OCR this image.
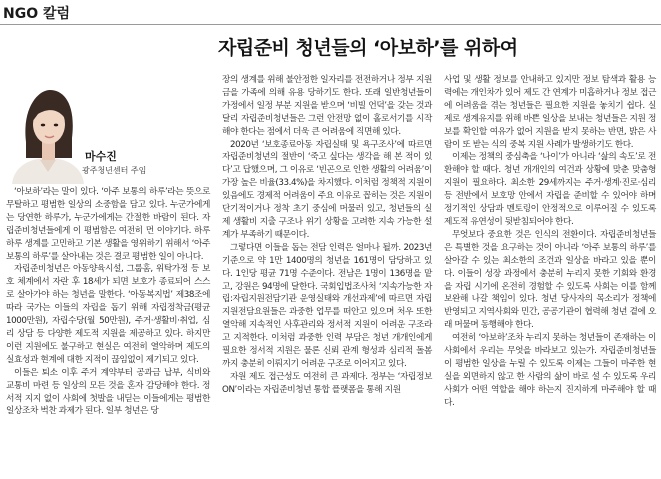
NGO 칼럼
자립준비 청년들의 ‘아보하’를 위하여
마수진
광주청년센터 주임

‘아보하’라는 말이 있다. ‘아주 보통의 하루’라는 뜻으로 무탈하고 평범한 일상의 소중함을 담고 있다. 누군가에게는 당연한 하루가, 누군가에게는 간절한 바람이 된다. 자립준비청년들에게 이 평범함은 여전히 먼 이야기다. 하루하루 생계를 고민하고 기본 생활을 영위하기 위해서 ‘아주 보통의 하루’를 살아내는 것은 결코 평범한 일이 아니다.

자립준비청년은 아동양육시설, 그룹홈, 위탁가정 등 보호 체계에서 자란 후 18세가 되면 보호가 종료되어 스스로 살아가야 하는 청년을 말한다. ‘아동복지법’ 제38조에 따라 국가는 이들의 자립을 돕기 위해 자립정착금(평균 1000만원), 자립수당(월 50만원), 주거·생활비·취업, 심리 상담 등 다양한 제도적 지원을 제공하고 있다. 하지만 이런 지원에도 불구하고 현실은 여전히 열악하며 제도의 실효성과 현계에 대한 지적이 끊임없이 제기되고 있다.

이들은 퇴소 이후 주거 계약부터 공과금 납부, 식비와 교통비 마련 등 일상의 모든 것을 혼자 감당해야 한다. 정서적 지지 없이 사회에 첫발을 내딛는 이들에게는 평범한 일상조차 벅찬 과제가 된다. 일부 청년은 당

장의 생계를 위해 불안정한 일자리를 전전하거나 정부 지원금을 가족에 의해 유용 당하기도 한다. 또래 일반청년들이 가정에서 일정 부분 지원을 받으며 ‘비빌 언덕’을 갖는 것과 달리 자립준비청년들은 그런 안전망 없이 홀로서기를 시작해야 한다는 점에서 더욱 큰 어려움에 직면해 있다.

2020년 ‘보호종료아동 자립실태 및 욕구조사’에 따르면 자립준비청년의 절반이 ‘죽고 싶다는 생각을 해 본 적이 있다’고 답했으며, 그 이유로 ‘빈곤으로 인한 생활의 어려움’이 가장 높은 비율(33.4%)을 차지했다. 이처럼 정책적 지원이 있음에도 경제적 어려움이 주요 이유로 꼽히는 것은 지원이 단기적이거나 정착 초기 중심에 머물러 있고, 청년들의 실제 생활비 지출 구조나 위기 상황을 고려한 지속 가능한 설계가 부족하기 때문이다.

그렇다면 이들을 돕는 전담 인력은 얼마나 될까. 2023년 기준으로 약 1만 1400명의 청년을 161명이 담당하고 있다. 1인당 평균 71명 수준이다. 전남은 1명이 136명을 맡고, 강원은 94명에 달한다. 국회입법조사처 ‘지속가능한 자립:자립지원전담기관 운영실태와 개선과제’에 따르면 자립지원전담요원들은 과중한 업무를 떠안고 있으며 처우 또한 열악해 지속적인 사후관리와 정서적 지원이 어려운 구조라고 지적한다. 이처럼 과중한 인력 부담은 청년 개개인에게 필요한 정서적 지원은 물론 신뢰 관계 형성과 심리적 돌봄까지 충분히 이뤄지기 어려운 구조로 이어지고 있다.

자원 제도 접근성도 여전히 큰 과제다. 정부는 ‘자립정보ON’이라는 자립준비청년 통합 플랫폼을 통해 지원

사업 및 생활 정보를 안내하고 있지만 정보 탐색과 활용 능력에는 개인차가 있어 제도 간 연계가 미흡하거나 정보 접근에 어려움을 겪는 청년들은 필요한 지원을 놓치기 쉽다. 실제로 생계유지를 위해 바쁜 일상을 보내는 청년들은 지원 정보를 확인할 여유가 없어 지원을 받지 못하는 반면, 밝은 사람이 또 받는 식의 중복 지원 사례가 발생하기도 한다.

이제는 정책의 중심축을 ‘나이’가 아니라 ‘삶의 속도’로 전환해야 할 때다. 청년 개개인의 여건과 상황에 맞춘 맞춤형 지원이 필요하다. 최소한 29세까지는 주거·생계·진로·심리 등 전반에서 보호망 안에서 자립을 준비할 수 있어야 하며 정기적인 상담과 멘토링이 안정적으로 이루어질 수 있도록 제도적 유연성이 뒷받침되어야 한다.

무엇보다 중요한 것은 인식의 전환이다. 자립준비청년들은 특별한 것을 요구하는 것이 아니라 ‘아주 보통의 하루’를 살아갈 수 있는 최소한의 조건과 일상을 바라고 있을 뿐이다. 이들이 성장 과정에서 충분히 누리지 못한 기회와 환경을 자립 시기에 온전히 경험할 수 있도록 사회는 이를 함께 보완해 나갈 책임이 있다. 청년 당사자의 목소리가 정책에 반영되고 지역사회와 민간, 공공기관이 협력해 청년 곁에 오래 머물며 동행해야 한다.

여전히 ‘아보하’조차 누리지 못하는 청년들이 존재하는 이 사회에서 우리는 무엇을 바라보고 있는가. 자립준비청년들이 평범한 일상을 누릴 수 있도록 이제는 그들이 마주한 현실을 외면하지 않고 한 사람의 삶이 바로 설 수 있도록 우리 사회가 어떤 역할을 해야 하는지 진지하게 마주해야 할 때다.
